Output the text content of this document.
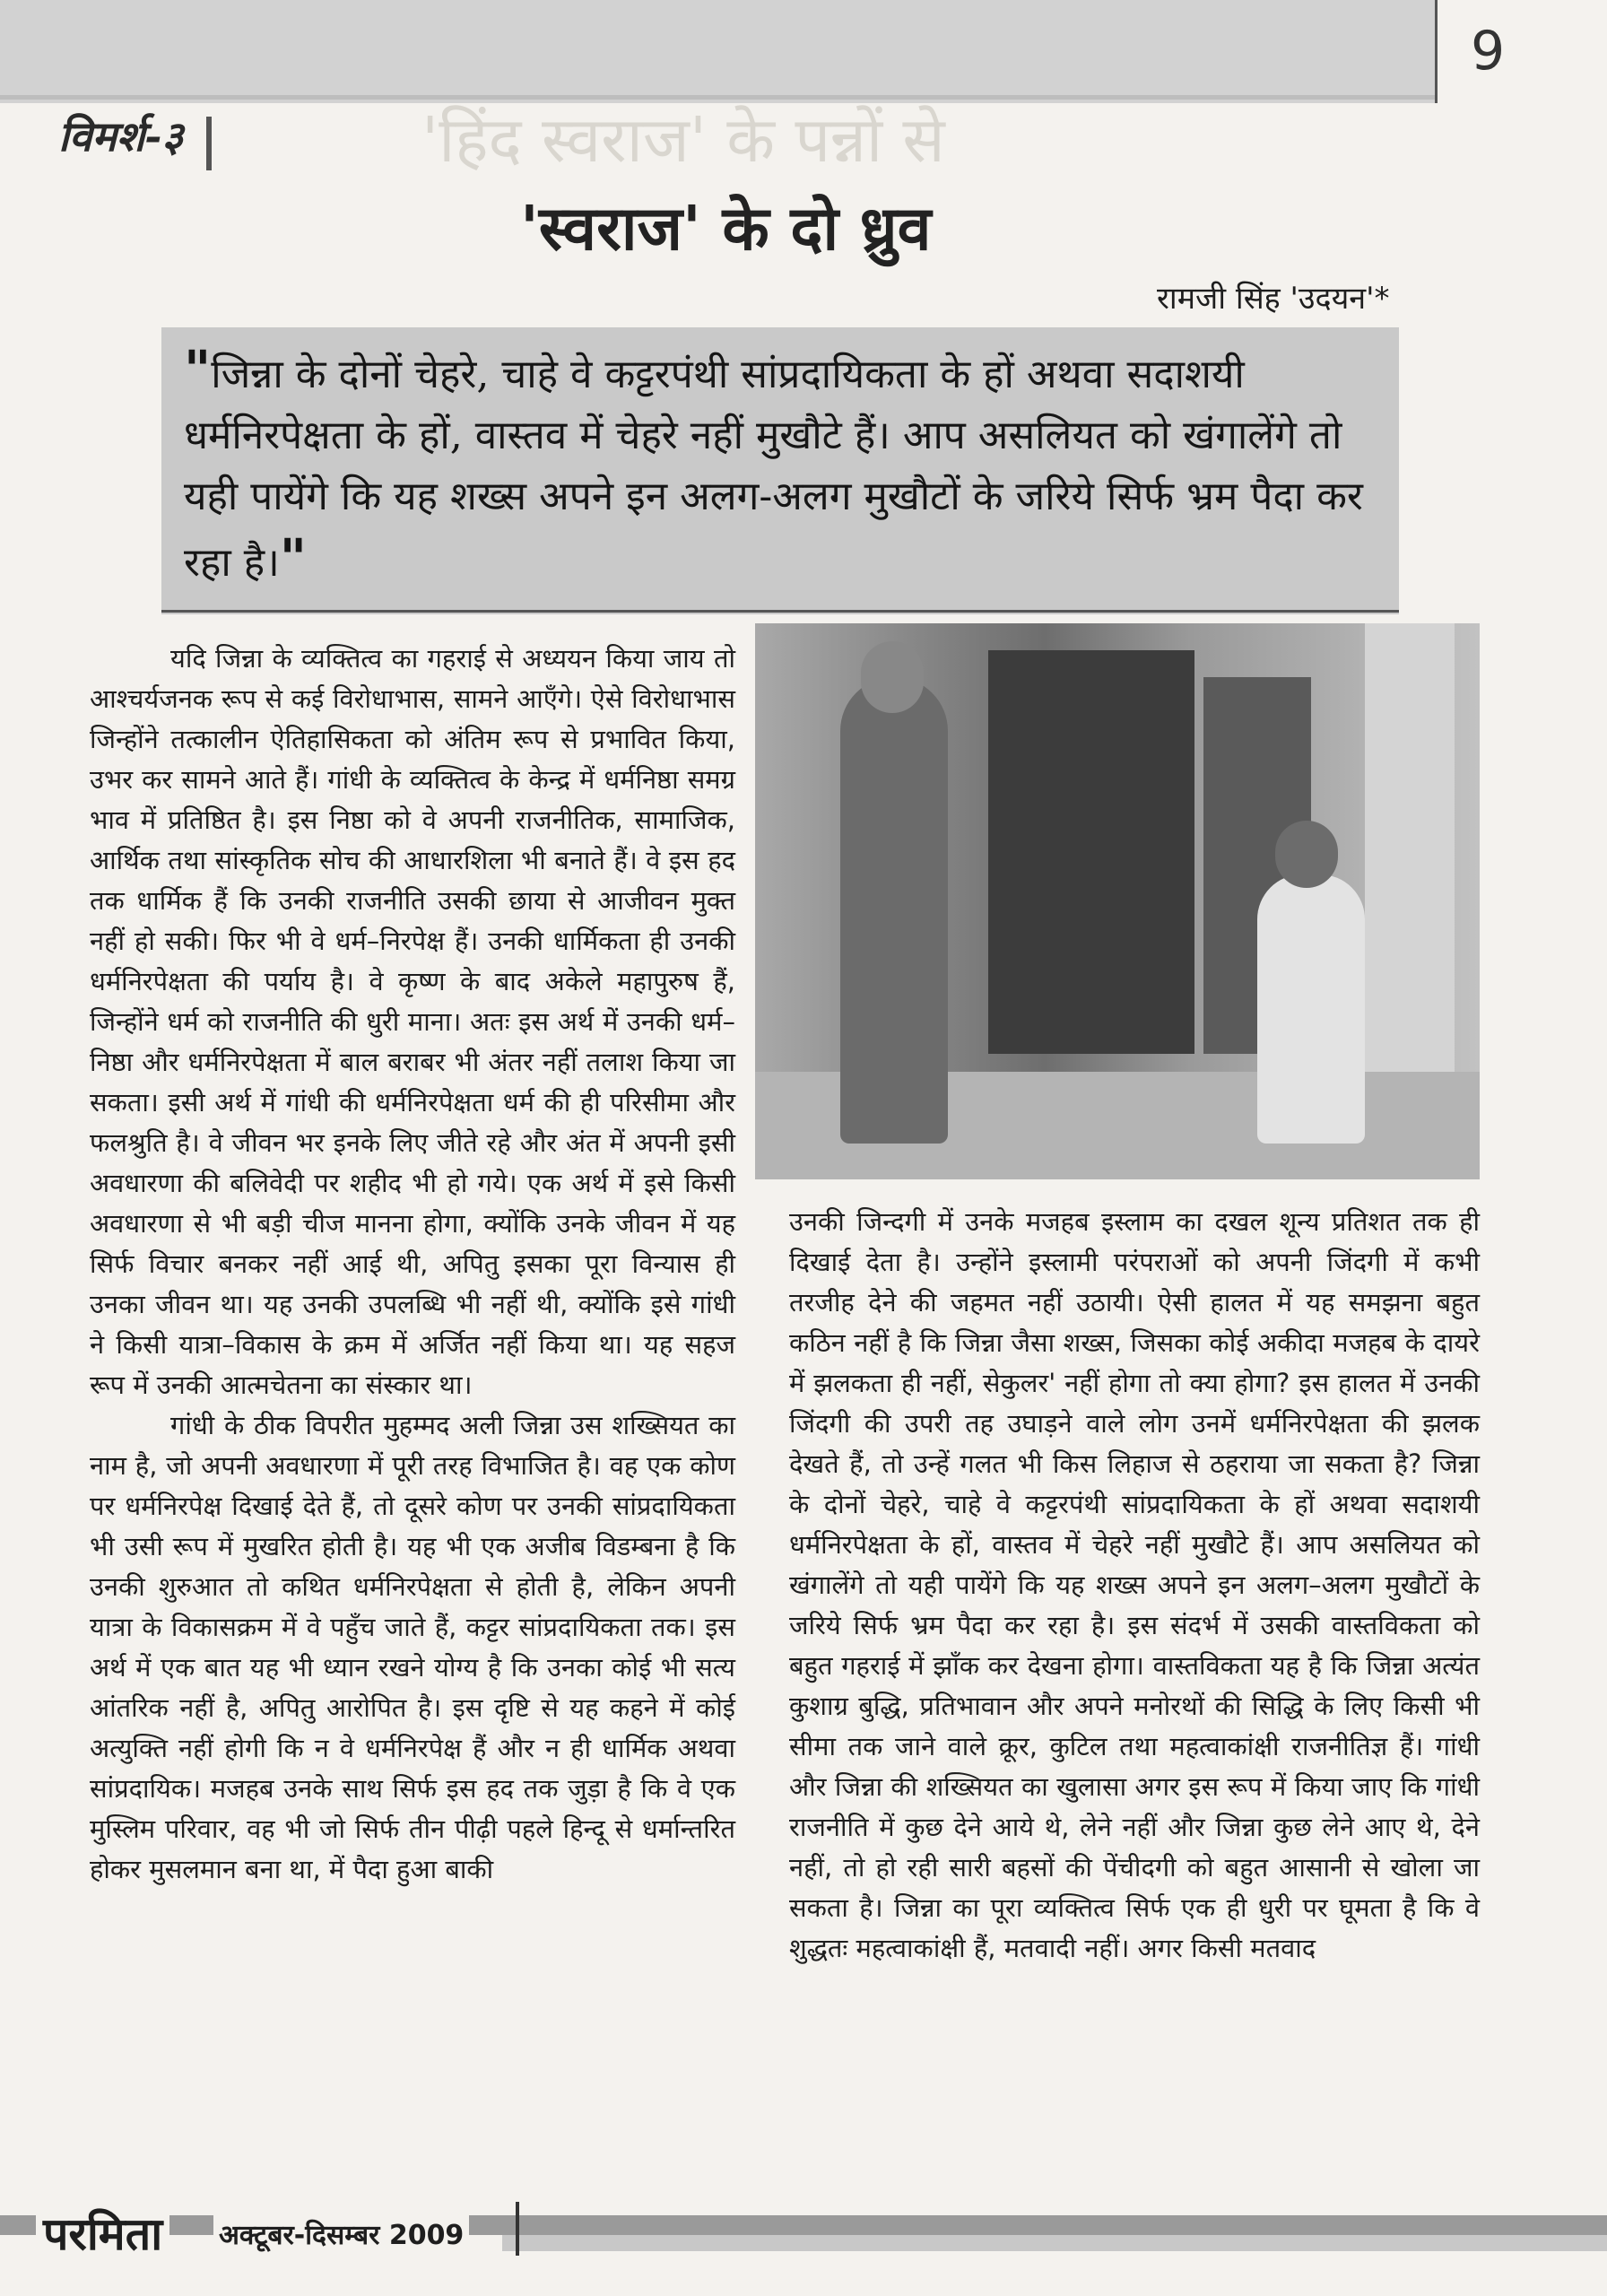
9
विमर्श-३	'हिंद स्वराज' के पन्नों से
'स्वराज' के दो ध्रुव
रामजी सिंह 'उदयन'*
"जिन्ना के दोनों चेहरे, चाहे वे कट्टरपंथी सांप्रदायिकता के हों अथवा सदाशयी धर्मनिरपेक्षता के हों, वास्तव में चेहरे नहीं मुखौटे हैं। आप असलियत को खंगालेंगे तो यही पायेंगे कि यह शख्स अपने इन अलग-अलग मुखौटों के जरिये सिर्फ भ्रम पैदा कर रहा है।"

यदि जिन्ना के व्यक्तित्व का गहराई से अध्ययन किया जाय तो आश्चर्यजनक रूप से कई विरोधाभास, सामने आएँगे। ऐसे विरोधाभास जिन्होंने तत्कालीन ऐतिहासिकता को अंतिम रूप से प्रभावित किया, उभर कर सामने आते हैं। गांधी के व्यक्तित्व के केन्द्र में धर्मनिष्ठा समग्र भाव में प्रतिष्ठित है। इस निष्ठा को वे अपनी राजनीतिक, सामाजिक, आर्थिक तथा सांस्कृतिक सोच की आधारशिला भी बनाते हैं। वे इस हद तक धार्मिक हैं कि उनकी राजनीति उसकी छाया से आजीवन मुक्त नहीं हो सकी। फिर भी वे धर्म–निरपेक्ष हैं। उनकी धार्मिकता ही उनकी धर्मनिरपेक्षता की पर्याय है। वे कृष्ण के बाद अकेले महापुरुष हैं, जिन्होंने धर्म को राजनीति की धुरी माना। अतः इस अर्थ में उनकी धर्म–निष्ठा और धर्मनिरपेक्षता में बाल बराबर भी अंतर नहीं तलाश किया जा सकता। इसी अर्थ में गांधी की धर्मनिरपेक्षता धर्म की ही परिसीमा और फलश्रुति है। वे जीवन भर इनके लिए जीते रहे और अंत में अपनी इसी अवधारणा की बलिवेदी पर शहीद भी हो गये। एक अर्थ में इसे किसी अवधारणा से भी बड़ी चीज मानना होगा, क्योंकि उनके जीवन में यह सिर्फ विचार बनकर नहीं आई थी, अपितु इसका पूरा विन्यास ही उनका जीवन था। यह उनकी उपलब्धि भी नहीं थी, क्योंकि इसे गांधी ने किसी यात्रा–विकास के क्रम में अर्जित नहीं किया था। यह सहज रूप में उनकी आत्मचेतना का संस्कार था।

गांधी के ठीक विपरीत मुहम्मद अली जिन्ना उस शख्सियत का नाम है, जो अपनी अवधारणा में पूरी तरह विभाजित है। वह एक कोण पर धर्मनिरपेक्ष दिखाई देते हैं, तो दूसरे कोण पर उनकी सांप्रदायिकता भी उसी रूप में मुखरित होती है। यह भी एक अजीब विडम्बना है कि उनकी शुरुआत तो कथित धर्मनिरपेक्षता से होती है, लेकिन अपनी यात्रा के विकासक्रम में वे पहुँच जाते हैं, कट्टर सांप्रदायिकता तक। इस अर्थ में एक बात यह भी ध्यान रखने योग्य है कि उनका कोई भी सत्य आंतरिक नहीं है, अपितु आरोपित है। इस दृष्टि से यह कहने में कोई अत्युक्ति नहीं होगी कि न वे धर्मनिरपेक्ष हैं और न ही धार्मिक अथवा सांप्रदायिक। मजहब उनके साथ सिर्फ इस हद तक जुड़ा है कि वे एक मुस्लिम परिवार, वह भी जो सिर्फ तीन पीढ़ी पहले हिन्दू से धर्मान्तरित होकर मुसलमान बना था, में पैदा हुआ बाकी

उनकी जिन्दगी में उनके मजहब इस्लाम का दखल शून्य प्रतिशत तक ही दिखाई देता है। उन्होंने इस्लामी परंपराओं को अपनी जिंदगी में कभी तरजीह देने की जहमत नहीं उठायी। ऐसी हालत में यह समझना बहुत कठिन नहीं है कि जिन्ना जैसा शख्स, जिसका कोई अकीदा मजहब के दायरे में झलकता ही नहीं, सेकुलर' नहीं होगा तो क्या होगा? इस हालत में उनकी जिंदगी की उपरी तह उघाड़ने वाले लोग उनमें धर्मनिरपेक्षता की झलक देखते हैं, तो उन्हें गलत भी किस लिहाज से ठहराया जा सकता है? जिन्ना के दोनों चेहरे, चाहे वे कट्टरपंथी सांप्रदायिकता के हों अथवा सदाशयी धर्मनिरपेक्षता के हों, वास्तव में चेहरे नहीं मुखौटे हैं। आप असलियत को खंगालेंगे तो यही पायेंगे कि यह शख्स अपने इन अलग–अलग मुखौटों के जरिये सिर्फ भ्रम पैदा कर रहा है। इस संदर्भ में उसकी वास्तविकता को बहुत गहराई में झाँक कर देखना होगा। वास्तविकता यह है कि जिन्ना अत्यंत कुशाग्र बुद्धि, प्रतिभावान और अपने मनोरथों की सिद्धि के लिए किसी भी सीमा तक जाने वाले क्रूर, कुटिल तथा महत्वाकांक्षी राजनीतिज्ञ हैं। गांधी और जिन्ना की शख्सियत का खुलासा अगर इस रूप में किया जाए कि गांधी राजनीति में कुछ देने आये थे, लेने नहीं और जिन्ना कुछ लेने आए थे, देने नहीं, तो हो रही सारी बहसों की पेंचीदगी को बहुत आसानी से खोला जा सकता है। जिन्ना का पूरा व्यक्तित्व सिर्फ एक ही धुरी पर घूमता है कि वे शुद्धतः महत्वाकांक्षी हैं, मतवादी नहीं। अगर किसी मतवाद

परमिता अक्टूबर-दिसम्बर 2009
